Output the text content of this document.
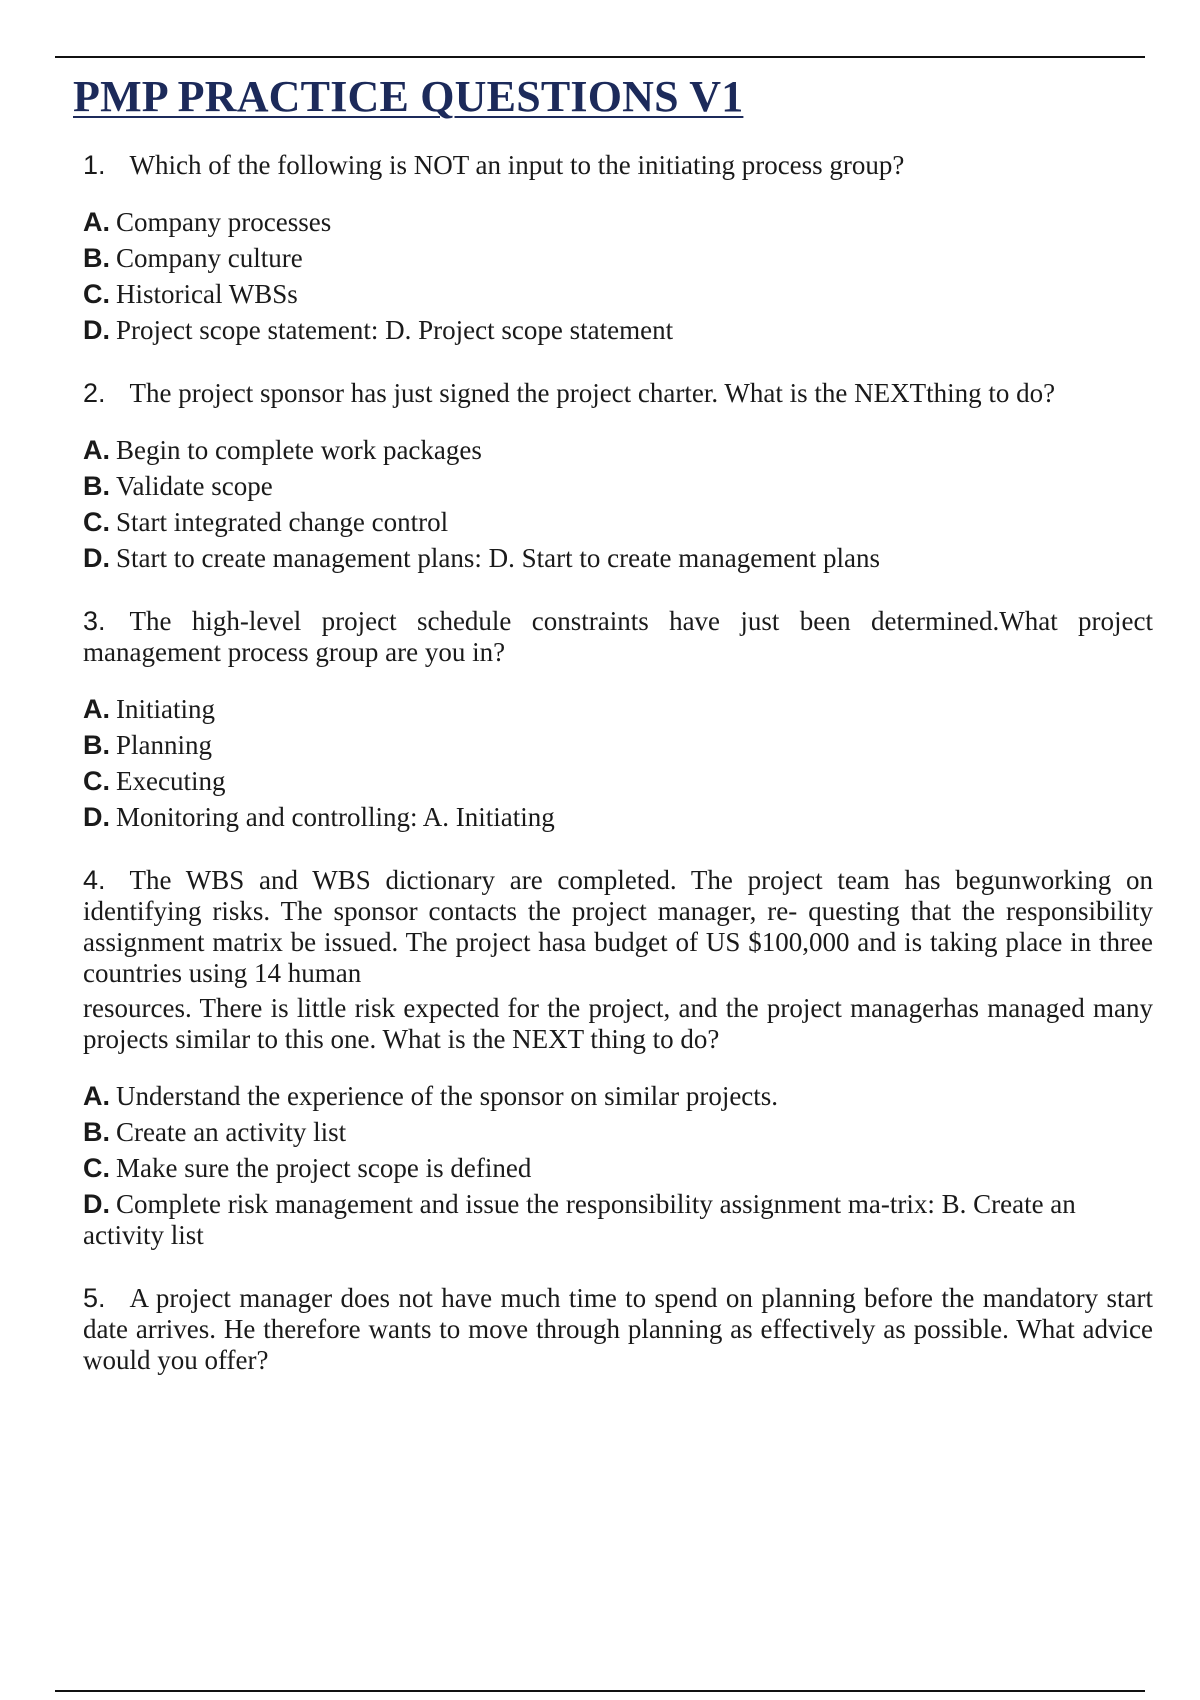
PMP PRACTICE QUESTIONS V1

1. Which of the following is NOT an input to the initiating process group?

A. Company processes
B. Company culture
C. Historical WBSs
D. Project scope statement: D. Project scope statement

2. The project sponsor has just signed the project charter. What is the NEXTthing to do?

A. Begin to complete work packages
B. Validate scope
C. Start integrated change control
D. Start to create management plans: D. Start to create management plans

3. The high-level project schedule constraints have just been determined.What project management process group are you in?

A. Initiating
B. Planning
C. Executing
D. Monitoring and controlling: A. Initiating

4. The WBS and WBS dictionary are completed. The project team has begunworking on identifying risks. The sponsor contacts the project manager, re- questing that the responsibility assignment matrix be issued. The project hasa budget of US $100,000 and is taking place in three countries using 14 human

resources. There is little risk expected for the project, and the project managerhas managed many projects similar to this one. What is the NEXT thing to do?

A. Understand the experience of the sponsor on similar projects.
B. Create an activity list
C. Make sure the project scope is defined
D. Complete risk management and issue the responsibility assignment ma-trix: B. Create an activity list

5. A project manager does not have much time to spend on planning before the mandatory start date arrives. He therefore wants to move through planning as effectively as possible. What advice would you offer?
